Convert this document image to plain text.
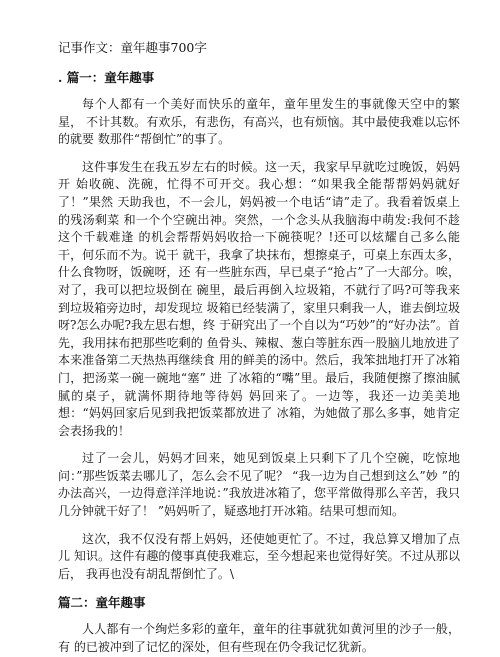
记事作文：童年趣事700字
. 篇一：童年趣事

每个人都有一个美好而快乐的童年，童年里发生的事就像天空中的繁星， 不计其数。有欢乐，有悲伤，有高兴，也有烦恼。其中最使我难以忘怀的就要 数那件“帮倒忙”的事了。

这件事发生在我五岁左右的时候。这一天，我家早早就吃过晚饭，妈妈开 始收碗、洗碗，忙得不可开交。我心想：“如果我全能帮帮妈妈就好了！”果然 天助我也，不一会儿，妈妈被一个电话“请”走了。我看着饭桌上的残汤剩菜 和一个个空碗出神。突然，一个念头从我脑海中萌发:我何不趁这个千载难逢 的机会帮帮妈妈收拾一下碗筷呢？!还可以炫耀自己多么能干，何乐而不为。说干 就干，我拿了块抹布，想擦桌子，可桌上东西太多，什么食物呀，饭碗呀，还 有一些脏东西，早已桌子“抢占”了一大部分。唉，对了，我可以把垃圾倒在 碗里，最后再倒入垃圾箱，不就行了吗?可等我来到垃圾箱旁边时，却发现垃 圾箱已经装满了，家里只剩我一人，谁去倒垃圾呀?怎么办呢?我左思右想，终 于研究出了一个自以为“巧妙”的“好办法”。首先，我用抹布把那些吃剩的 鱼骨头、辣椒、葱白等脏东西一股脑儿地放进了本来准备第二天热热再继续食 用的鲜美的汤中。然后，我笨拙地打开了冰箱门，把汤菜一碗一碗地“塞” 进 了冰箱的“嘴”里。最后，我随便擦了擦油腻腻的桌子，就满怀期待地等待妈 妈回来了。一边等，我还一边美美地想：“妈妈回家后见到我把饭菜都放进了 冰箱，为她做了那么多事，她肯定会表扬我的！

过了一会儿，妈妈才回来，她见到饭桌上只剩下了几个空碗，吃惊地 问：”那些饭菜去哪儿了，怎么会不见了呢？ “我一边为自己想到这么”妙 ”的 办法高兴，一边得意洋洋地说：”我放进冰箱了，您平常做得那么辛苦，我只 几分钟就干好了！ ”妈妈听了，疑惑地打开冰箱。结果可想而知。

这次，我不仅没有帮上妈妈，还使她更忙了。不过，我总算又增加了点儿 知识。这件有趣的傻事真使我难忘，至今想起来也觉得好笑。不过从那以后， 我再也没有胡乱帮倒忙了。\

篇二：童年趣事

人人都有一个绚烂多彩的童年，童年的往事就犹如黄河里的沙子一般，有 的已被冲到了记忆的深处，但有些现在仍令我记忆犹新。
